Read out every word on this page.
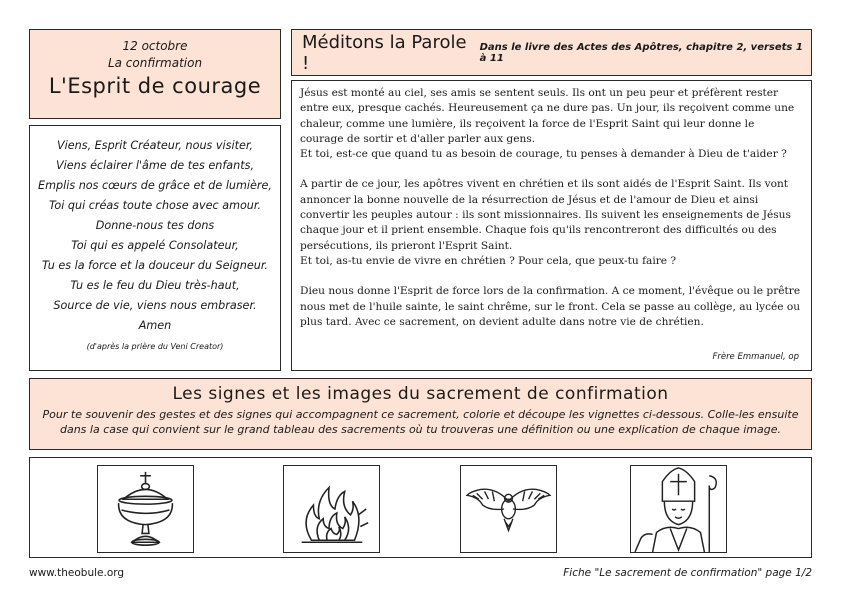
12 octobre
La confirmation
L'Esprit de courage
Viens, Esprit Créateur, nous visiter,
Viens éclairer l'âme de tes enfants,
Emplis nos cœurs de grâce et de lumière,
Toi qui créas toute chose avec amour.
Donne-nous tes dons
Toi qui es appelé Consolateur,
Tu es la force et la douceur du Seigneur.
Tu es le feu du Dieu très-haut,
Source de vie, viens nous embraser.
Amen
(d'après la prière du Veni Creator)
Méditons la Parole !
Dans le livre des Actes des Apôtres, chapitre 2, versets 1 à 11

Jésus est monté au ciel, ses amis se sentent seuls. Ils ont un peu peur et préfèrent rester entre eux, presque cachés. Heureusement ça ne dure pas. Un jour, ils reçoivent comme une chaleur, comme une lumière, ils reçoivent la force de l'Esprit Saint qui leur donne le courage de sortir et d'aller parler aux gens.

Et toi, est-ce que quand tu as besoin de courage, tu penses à demander à Dieu de t'aider ?

A partir de ce jour, les apôtres vivent en chrétien et ils sont aidés de l'Esprit Saint. Ils vont annoncer la bonne nouvelle de la résurrection de Jésus et de l'amour de Dieu et ainsi convertir les peuples autour : ils sont missionnaires. Ils suivent les enseignements de Jésus chaque jour et il prient ensemble. Chaque fois qu'ils rencontreront des difficultés ou des persécutions, ils prieront l'Esprit Saint.

Et toi, as-tu envie de vivre en chrétien ? Pour cela, que peux-tu faire ?

Dieu nous donne l'Esprit de force lors de la confirmation. A ce moment, l'évêque ou le prêtre nous met de l'huile sainte, le saint chrême, sur le front. Cela se passe au collège, au lycée ou plus tard. Avec ce sacrement, on devient adulte dans notre vie de chrétien.

Frère Emmanuel, op
Les signes et les images du sacrement de confirmation
Pour te souvenir des gestes et des signes qui accompagnent ce sacrement, colorie et découpe les vignettes ci-dessous. Colle-les ensuite dans la case qui convient sur le grand tableau des sacrements où tu trouveras une définition ou une explication de chaque image.
www.theobule.org	Fiche "Le sacrement de confirmation" page 1/2
